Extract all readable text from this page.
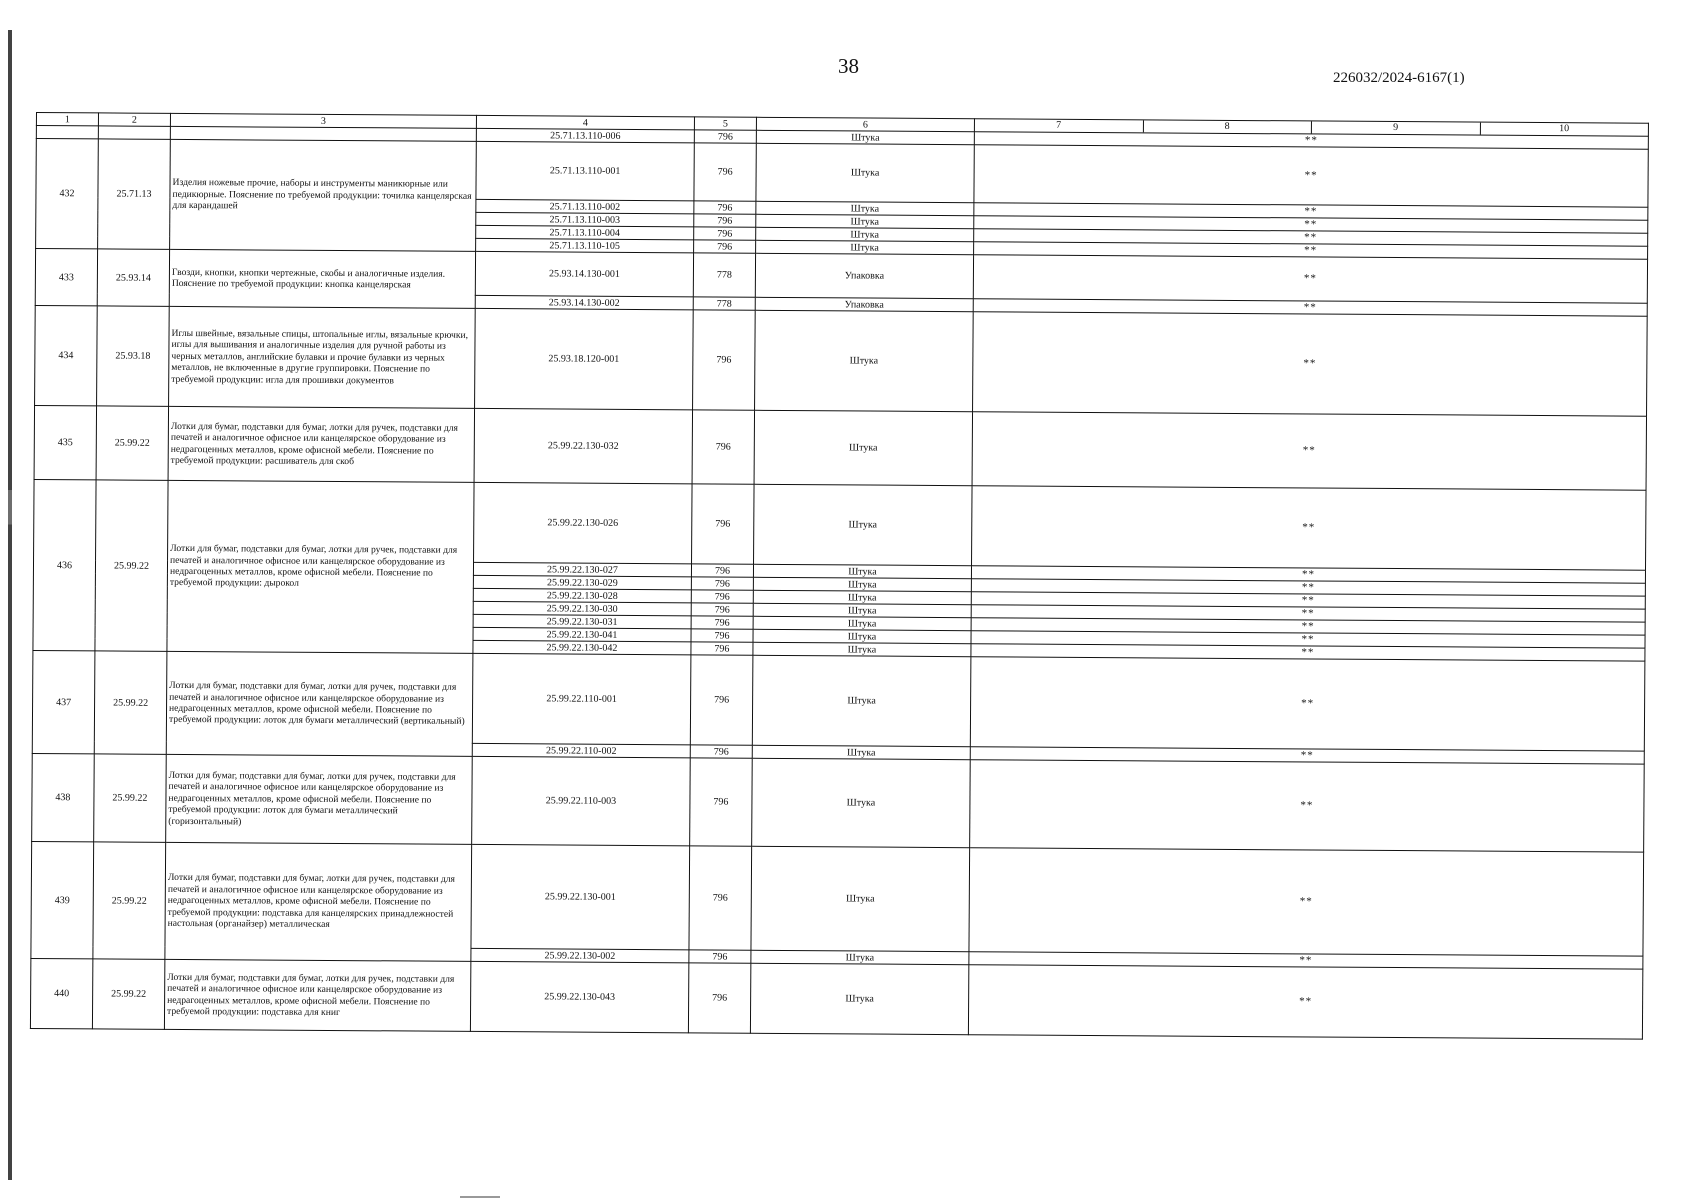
38	226032/2024-6167(1)
1	2	3	4	5	6	7 8 9 10

			25.71.13.110-006	796	Штука	**
432	25.71.13	Изделия ножевые прочие, наборы и инструменты маникюрные или педикюрные. Пояснение по требуемой продукции: точилка канцелярская для карандашей	25.71.13.110-001	796	Штука	**
			25.71.13.110-002	796	Штука	**
			25.71.13.110-003	796	Штука	**
			25.71.13.110-004	796	Штука	**
			25.71.13.110-105	796	Штука	**
433	25.93.14	Гвозди, кнопки, кнопки чертежные, скобы и аналогичные изделия. Пояснение по требуемой продукции: кнопка канцелярская	25.93.14.130-001	778	Упаковка	**
			25.93.14.130-002	778	Упаковка	**
434	25.93.18	Иглы швейные, вязальные спицы, штопальные иглы, вязальные крючки, иглы для вышивания и аналогичные изделия для ручной работы из черных металлов, английские булавки и прочие булавки из черных металлов, не включенные в другие группировки. Пояснение по требуемой продукции: игла для прошивки документов	25.93.18.120-001	796	Штука	**
435	25.99.22	Лотки для бумаг, подставки для бумаг, лотки для ручек, подставки для печатей и аналогичное офисное или канцелярское оборудование из недрагоценных металлов, кроме офисной мебели. Пояснение по требуемой продукции: расшиватель для скоб	25.99.22.130-032	796	Штука	**
436	25.99.22	Лотки для бумаг, подставки для бумаг, лотки для ручек, подставки для печатей и аналогичное офисное или канцелярское оборудование из недрагоценных металлов, кроме офисной мебели. Пояснение по требуемой продукции: дырокол	25.99.22.130-026	796	Штука	**
			25.99.22.130-027	796	Штука	**
			25.99.22.130-029	796	Штука	**
			25.99.22.130-028	796	Штука	**
			25.99.22.130-030	796	Штука	**
			25.99.22.130-031	796	Штука	**
			25.99.22.130-041	796	Штука	**
			25.99.22.130-042	796	Штука	**
437	25.99.22	Лотки для бумаг, подставки для бумаг, лотки для ручек, подставки для печатей и аналогичное офисное или канцелярское оборудование из недрагоценных металлов, кроме офисной мебели. Пояснение по требуемой продукции: лоток для бумаги металлический (вертикальный)	25.99.22.110-001	796	Штука	**
			25.99.22.110-002	796	Штука	**
438	25.99.22	Лотки для бумаг, подставки для бумаг, лотки для ручек, подставки для печатей и аналогичное офисное или канцелярское оборудование из недрагоценных металлов, кроме офисной мебели. Пояснение по требуемой продукции: лоток для бумаги металлический (горизонтальный)	25.99.22.110-003	796	Штука	**
439	25.99.22	Лотки для бумаг, подставки для бумаг, лотки для ручек, подставки для печатей и аналогичное офисное или канцелярское оборудование из недрагоценных металлов, кроме офисной мебели. Пояснение по требуемой продукции: подставка для канцелярских принадлежностей настольная (органайзер) металлическая	25.99.22.130-001	796	Штука	**
			25.99.22.130-002	796	Штука	**
440	25.99.22	Лотки для бумаг, подставки для бумаг, лотки для ручек, подставки для печатей и аналогичное офисное или канцелярское оборудование из недрагоценных металлов, кроме офисной мебели. Пояснение по требуемой продукции: подставка для книг	25.99.22.130-043	796	Штука	**
